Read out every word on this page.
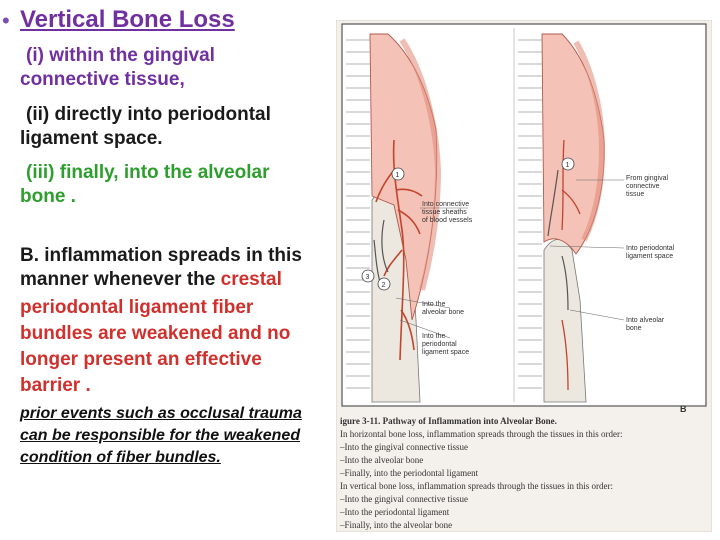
• Vertical Bone Loss
(i) within the gingival
connective tissue,
(ii) directly into periodontal
ligament space.
(iii) finally, into the alveolar
bone .
B. inflammation spreads in this
manner whenever the crestal
periodontal ligament fiber
bundles are weakened and no
longer present an effective
barrier .
prior events such as occlusal trauma
can be responsible for the weakened
condition of fiber bundles.
1
2
3
Into connective
tissue sheaths
of blood vessels
Into the
alveolar bone
Into the
periodontal
ligament space
1
From gingival
connective
tissue
Into periodontal
ligament space
Into alveolar
bone
B
igure 3-11. Pathway of Inflammation into Alveolar Bone.
In horizontal bone loss, inflammation spreads through the tissues in this order:
–Into the gingival connective tissue
–Into the alveolar bone
–Finally, into the periodontal ligament
In vertical bone loss, inflammation spreads through the tissues in this order:
–Into the gingival connective tissue
–Into the periodontal ligament
–Finally, into the alveolar bone
